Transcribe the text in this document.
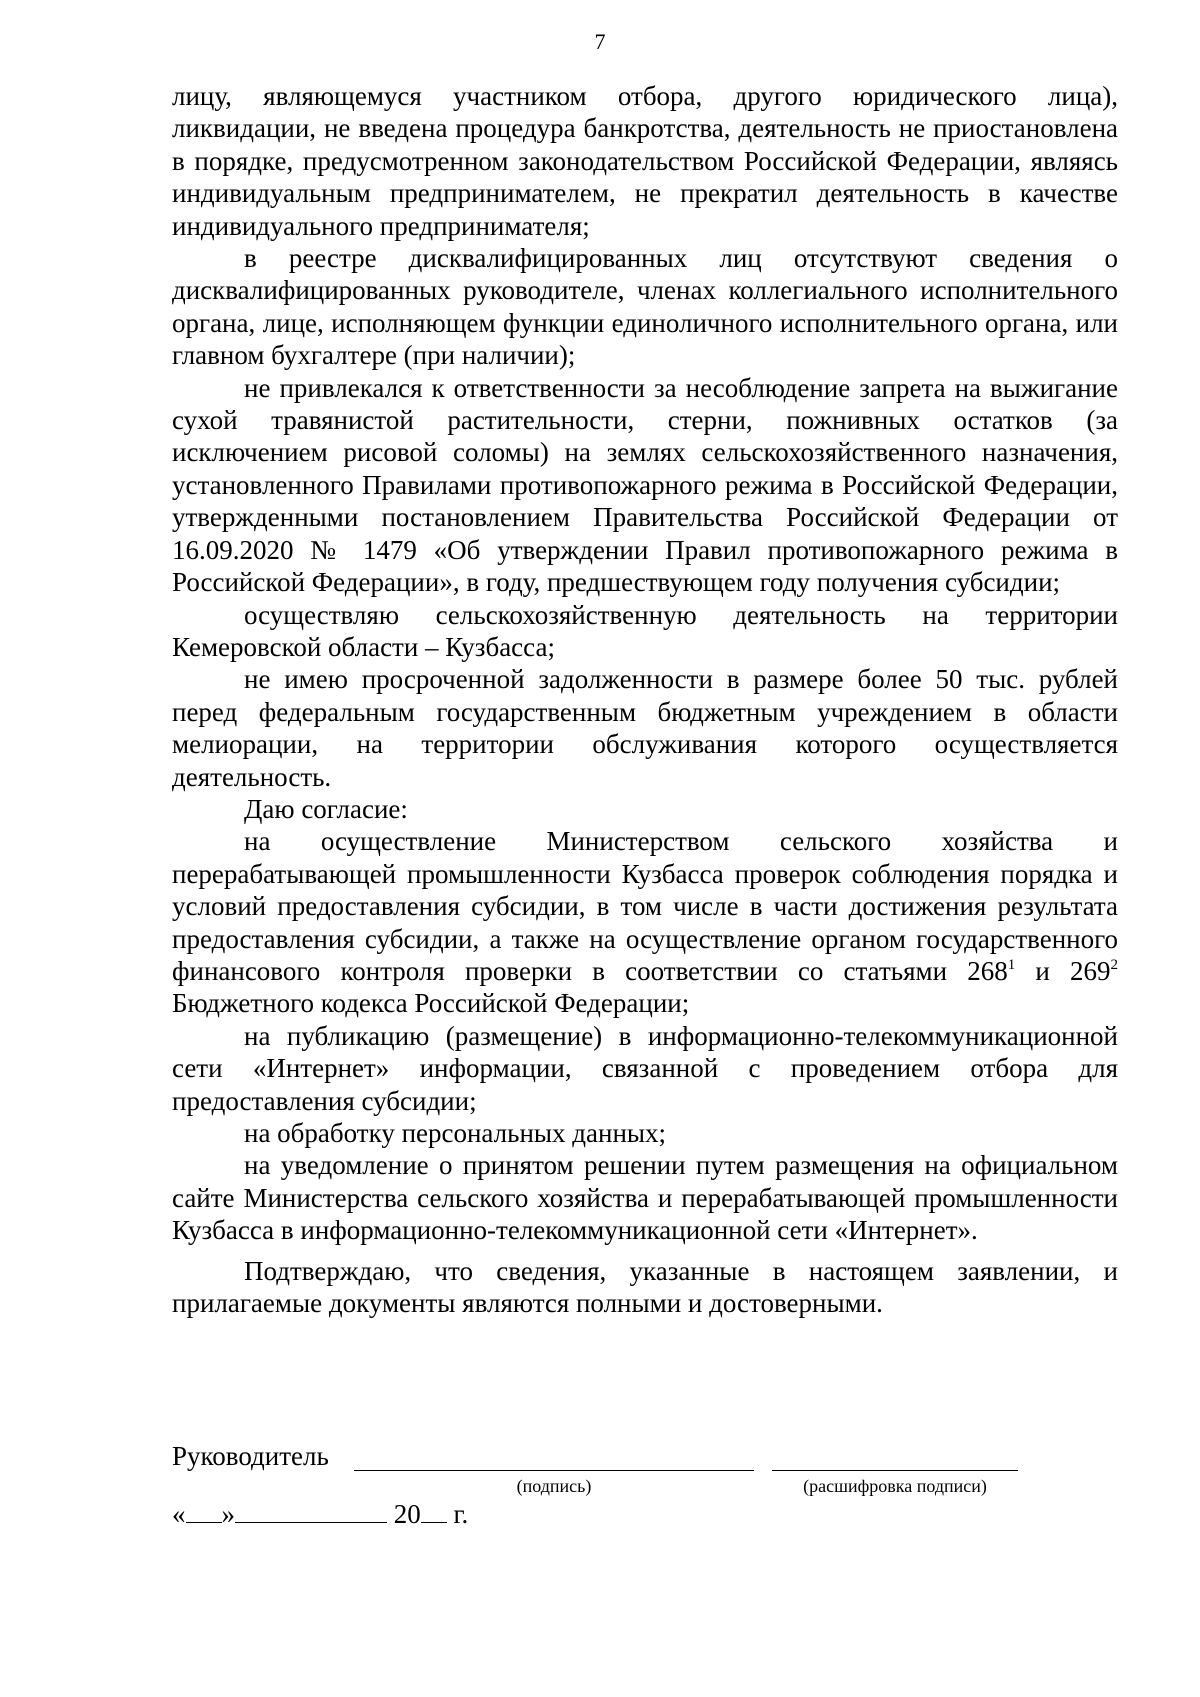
7

лицу, являющемуся участником отбора, другого юридического лица), ликвидации, не введена процедура банкротства, деятельность не приостановлена в порядке, предусмотренном законодательством Российской Федерации, являясь индивидуальным предпринимателем, не прекратил деятельность в качестве индивидуального предпринимателя;

в реестре дисквалифицированных лиц отсутствуют сведения о дисквалифицированных руководителе, членах коллегиального исполнительного органа, лице, исполняющем функции единоличного исполнительного органа, или главном бухгалтере (при наличии);

не привлекался к ответственности за несоблюдение запрета на выжигание сухой травянистой растительности, стерни, пожнивных остатков (за исключением рисовой соломы) на землях сельскохозяйственного назначения, установленного Правилами противопожарного режима в Российской Федерации, утвержденными постановлением Правительства Российской Федерации от 16.09.2020 № 1479 «Об утверждении Правил противопожарного режима в Российской Федерации», в году, предшествующем году получения субсидии;

осуществляю сельскохозяйственную деятельность на территории Кемеровской области – Кузбасса;

не имею просроченной задолженности в размере более 50 тыс. рублей перед федеральным государственным бюджетным учреждением в области мелиорации, на территории обслуживания которого осуществляется деятельность.

Даю согласие:

на осуществление Министерством сельского хозяйства и перерабатывающей промышленности Кузбасса проверок соблюдения порядка и условий предоставления субсидии, в том числе в части достижения результата предоставления субсидии, а также на осуществление органом государственного финансового контроля проверки в соответствии со статьями $268^1$ и $269^2$ Бюджетного кодекса Российской Федерации;

на публикацию (размещение) в информационно-телекоммуникационной сети «Интернет» информации, связанной с проведением отбора для предоставления субсидии;

на обработку персональных данных;

на уведомление о принятом решении путем размещения на официальном сайте Министерства сельского хозяйства и перерабатывающей промышленности Кузбасса в информационно-телекоммуникационной сети «Интернет».

Подтверждаю, что сведения, указанные в настоящем заявлении, и прилагаемые документы являются полными и достоверными.

Руководитель
(подпись)	(расшифровка подписи)
« »	20 г.
